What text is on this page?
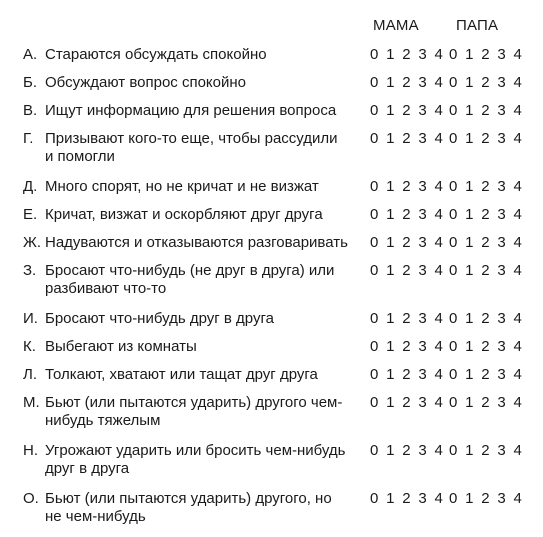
МАМА ПАПА
А. Стараются обсуждать спокойно	0 1 2 3 4 0 1 2 3 4
Б. Обсуждают вопрос спокойно	0 1 2 3 4 0 1 2 3 4
В. Ищут информацию для решения вопроса	0 1 2 3 4 0 1 2 3 4
Г. Призывают кого-то еще, чтобы рассудили
и помогли
0 1 2 3 4 0 1 2 3 4
Д. Много спорят, но не кричат и не визжат	0 1 2 3 4 0 1 2 3 4
Е. Кричат, визжат и оскорбляют друг друга	0 1 2 3 4 0 1 2 3 4
Ж. Надуваются и отказываются разговаривать	0 1 2 3 4 0 1 2 3 4
З. Бросают что-нибудь (не друг в друга) или
разбивают что-то
0 1 2 3 4 0 1 2 3 4
И. Бросают что-нибудь друг в друга	0 1 2 3 4 0 1 2 3 4
К. Выбегают из комнаты	0 1 2 3 4 0 1 2 3 4
Л. Толкают, хватают или тащат друг друга	0 1 2 3 4 0 1 2 3 4
М. Бьют (или пытаются ударить) другого чем-
нибудь тяжелым
0 1 2 3 4 0 1 2 3 4
Н. Угрожают ударить или бросить чем-нибудь
друг в друга
0 1 2 3 4 0 1 2 3 4
О. Бьют (или пытаются ударить) другого, но
не чем-нибудь
0 1 2 3 4 0 1 2 3 4
